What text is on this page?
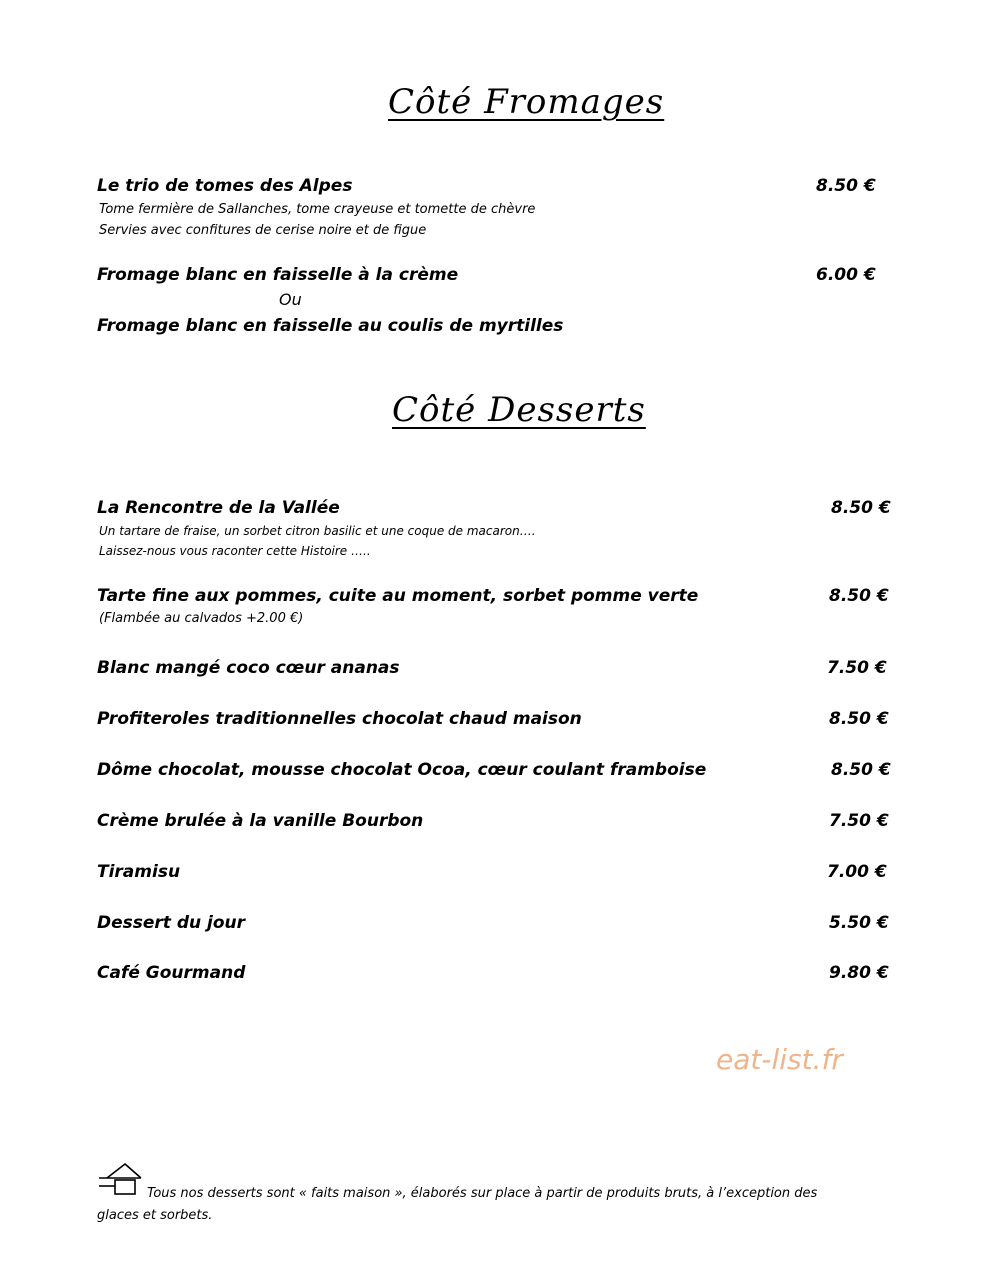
Côté Fromages
Le trio de tomes des Alpes	8.50 €
Tome fermière de Sallanches, tome crayeuse et tomette de chèvre
Servies avec confitures de cerise noire et de figue
Fromage blanc en faisselle à la crème	6.00 €
Ou
Fromage blanc en faisselle au coulis de myrtilles
Côté Desserts
La Rencontre de la Vallée	8.50 €
Un tartare de fraise, un sorbet citron basilic et une coque de macaron….
Laissez-nous vous raconter cette Histoire …..
Tarte fine aux pommes, cuite au moment, sorbet pomme verte	8.50 €
(Flambée au calvados +2.00 €)
Blanc mangé coco cœur ananas	7.50 €
Profiteroles traditionnelles chocolat chaud maison	8.50 €
Dôme chocolat, mousse chocolat Ocoa, cœur coulant framboise	8.50 €
Crème brulée à la vanille Bourbon	7.50 €
Tiramisu	7.00 €
Dessert du jour	5.50 €
Café Gourmand	9.80 €
eat-list.fr
Tous nos desserts sont « faits maison », élaborés sur place à partir de produits bruts, à l’exception des
glaces et sorbets.
